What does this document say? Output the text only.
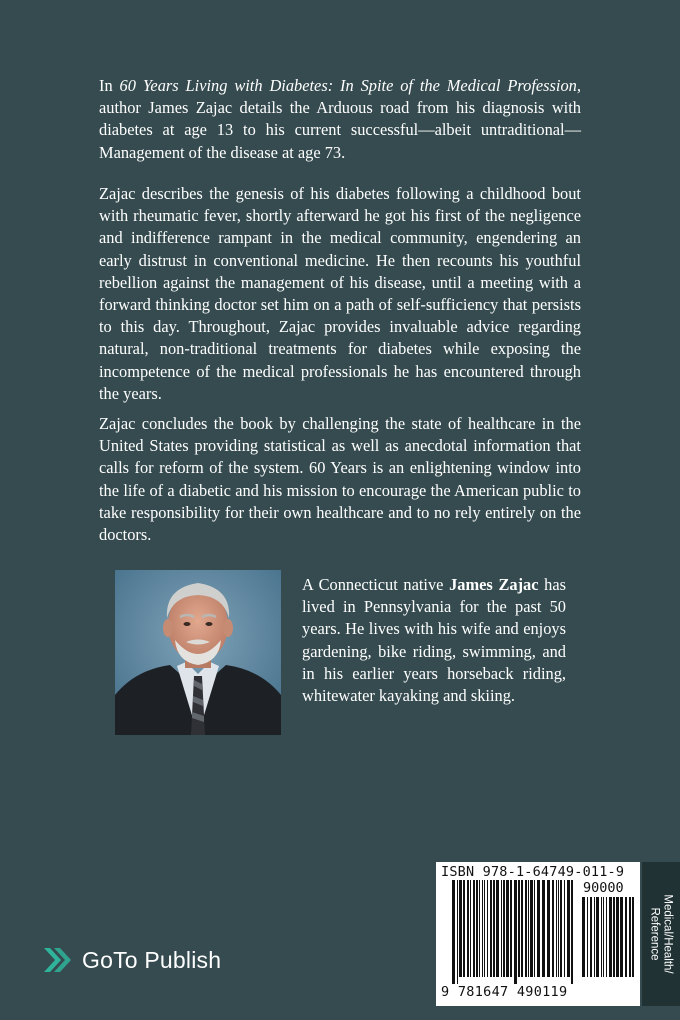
In 60 Years Living with Diabetes: In Spite of the Medical Profession, author James Zajac details the Arduous road from his diagnosis with diabetes at age 13 to his current successful—albeit untraditional—Management of the disease at age 73.
Zajac describes the genesis of his diabetes following a childhood bout with rheumatic fever, shortly afterward he got his first of the negligence and indifference rampant in the medical community, engendering an early distrust in conventional medicine. He then recounts his youthful rebellion against the management of his disease, until a meeting with a forward thinking doctor set him on a path of self-sufficiency that persists to this day. Throughout, Zajac provides invaluable advice regarding natural, non-traditional treatments for diabetes while exposing the incompetence of the medical professionals he has encountered through the years.
Zajac concludes the book by challenging the state of healthcare in the United States providing statistical as well as anecdotal information that calls for reform of the system. 60 Years is an enlightening window into the life of a diabetic and his mission to encourage the American public to take responsibility for their own healthcare and to no rely entirely on the doctors.
A Connecticut native James Zajac has lived in Pennsylvania for the past 50 years. He lives with his wife and enjoys gardening, bike riding, swimming, and in his earlier years horseback riding, whitewater kayaking and skiing.
GoTo Publish
ISBN 978-1-64749-011-9
90000
9 781647 490119
Medical/Health/
Reference
